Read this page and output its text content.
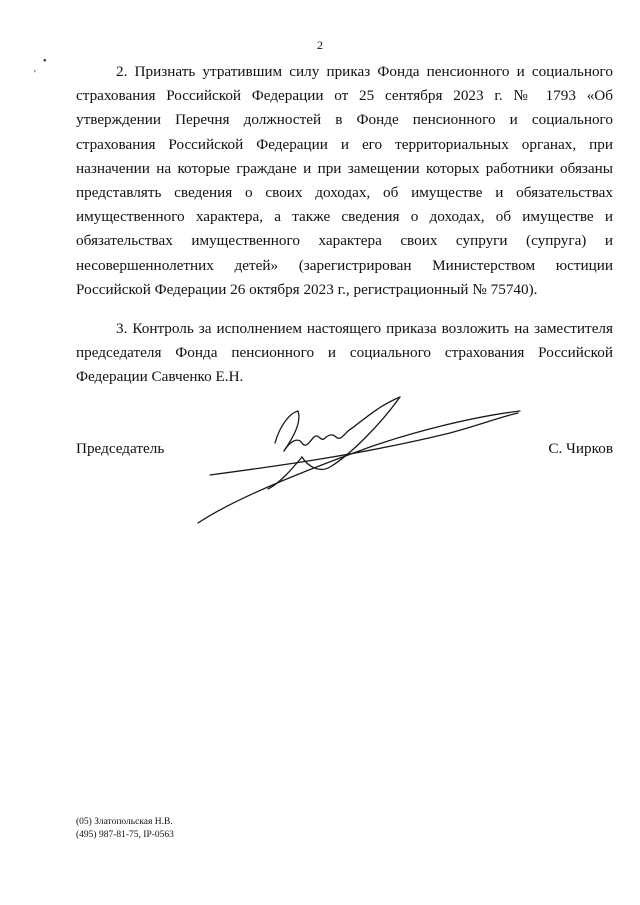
2
•
'	2. Признать утратившим силу приказ Фонда пенсионного и социального страхования Российской Федерации от 25 сентября 2023 г. № 1793 «Об утверждении Перечня должностей в Фонде пенсионного и социального страхования Российской Федерации и его территориальных органах, при назначении на которые граждане и при замещении которых работники обязаны представлять сведения о своих доходах, об имуществе и обязательствах имущественного характера, а также сведения о доходах, об имуществе и обязательствах имущественного характера своих супруги (супруга) и несовершеннолетних детей» (зарегистрирован Министерством юстиции Российской Федерации 26 октября 2023 г., регистрационный № 75740).

3. Контроль за исполнением настоящего приказа возложить на заместителя председателя Фонда пенсионного и социального страхования Российской Федерации Савченко Е.Н.

Председатель	С. Чирков
(05) Златопольская Н.В.
(495) 987-81-75, IP-0563
